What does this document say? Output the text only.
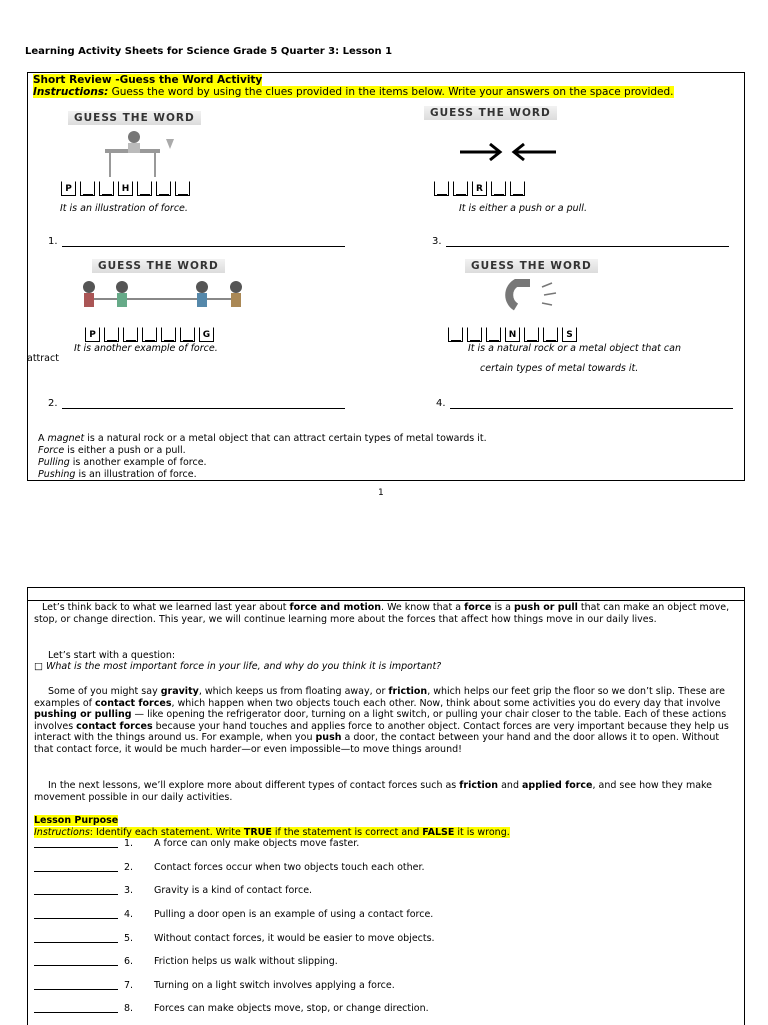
Learning Activity Sheets for Science Grade 5 Quarter 3: Lesson 1
Short Review -Guess the Word Activity
Instructions: Guess the word by using the clues provided in the items below. Write your answers on the space provided.
GUESS THE WORD
P	H
It is an illustration of force.
1.
GUESS THE WORD
R
It is either a push or a pull.
3.
GUESS THE WORD
P	G
It is another example of force.
attract
2.
GUESS THE WORD
N	S
It is a natural rock or a metal object that can
certain types of metal towards it.
4.
A magnet is a natural rock or a metal object that can attract certain types of metal towards it.
Force is either a push or a pull.
Pulling is another example of force.
Pushing is an illustration of force.
1
Let’s think back to what we learned last year about force and motion. We know that a force is a push or pull that can make an object move, stop, or change direction. This year, we will continue learning more about the forces that affect how things move in our daily lives.
Let’s start with a question:
□ What is the most important force in your life, and why do you think it is important?
Some of you might say gravity, which keeps us from floating away, or friction, which helps our feet grip the floor so we don’t slip. These are examples of contact forces, which happen when two objects touch each other. Now, think about some activities you do every day that involve pushing or pulling — like opening the refrigerator door, turning on a light switch, or pulling your chair closer to the table. Each of these actions involves contact forces because your hand touches and applies force to another object. Contact forces are very important because they help us interact with the things around us. For example, when you push a door, the contact between your hand and the door allows it to open. Without that contact force, it would be much harder—or even impossible—to move things around!
In the next lessons, we’ll explore more about different types of contact forces such as friction and applied force, and see how they make movement possible in our daily activities.
Lesson Purpose
Instructions: Identify each statement. Write TRUE if the statement is correct and FALSE it is wrong.
1.	A force can only make objects move faster.
2.	Contact forces occur when two objects touch each other.
3.	Gravity is a kind of contact force.
4.	Pulling a door open is an example of using a contact force.
5.	Without contact forces, it would be easier to move objects.
6.	Friction helps us walk without slipping.
7.	Turning on a light switch involves applying a force.
8.	Forces can make objects move, stop, or change direction.
